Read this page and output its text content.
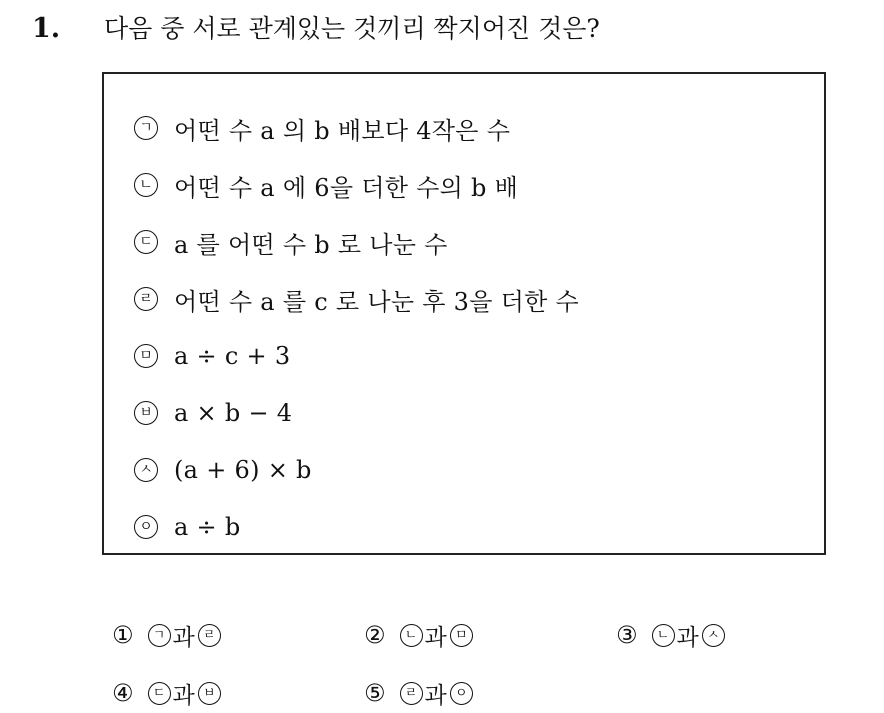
1. 다음 중 서로 관계있는 것끼리 짝지어진 것은?
ㄱ 어떤 수 a 의 b 배보다 4작은 수
ㄴ 어떤 수 a 에 6을 더한 수의 b 배
ㄷ a 를 어떤 수 b 로 나눈 수
ㄹ 어떤 수 a 를 c 로 나눈 후 3을 더한 수
ㅁ a ÷ c + 3
ㅂ a × b − 4
ㅅ (a + 6) × b
ㅇ a ÷ b
①	ㄱ 과 ㄹ	②	ㄴ 과 ㅁ	③	ㄴ 과 ㅅ
④	ㄷ 과 ㅂ	⑤	ㄹ 과 ㅇ
